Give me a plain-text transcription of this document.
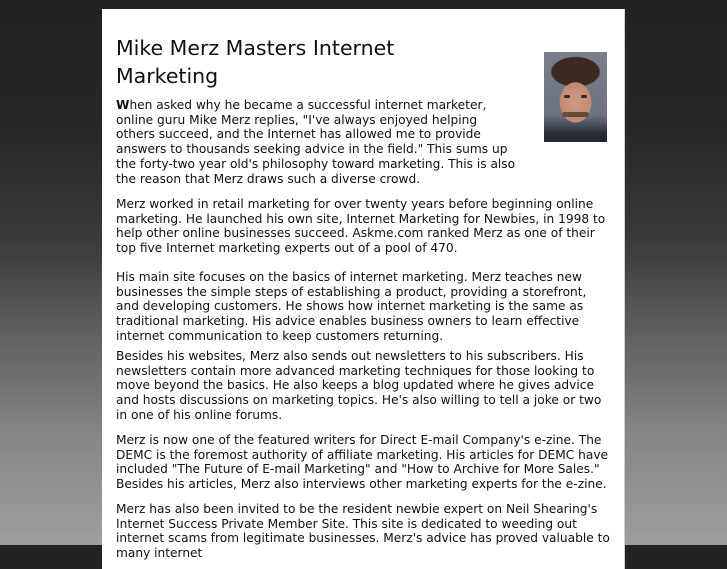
Mike Merz Masters Internet Marketing

When asked why he became a successful internet marketer, online guru Mike Merz replies, "I've always enjoyed helping others succeed, and the Internet has allowed me to provide answers to thousands seeking advice in the field." This sums up the forty-two year old's philosophy toward marketing. This is also the reason that Merz draws such a diverse crowd.

Merz worked in retail marketing for over twenty years before beginning online marketing. He launched his own site, Internet Marketing for Newbies, in 1998 to help other online businesses succeed. Askme.com ranked Merz as one of their top five Internet marketing experts out of a pool of 470.

His main site focuses on the basics of internet marketing. Merz teaches new businesses the simple steps of establishing a product, providing a storefront, and developing customers. He shows how internet marketing is the same as traditional marketing. His advice enables business owners to learn effective internet communication to keep customers returning.

Besides his websites, Merz also sends out newsletters to his subscribers. His newsletters contain more advanced marketing techniques for those looking to move beyond the basics. He also keeps a blog updated where he gives advice and hosts discussions on marketing topics. He's also willing to tell a joke or two in one of his online forums.

Merz is now one of the featured writers for Direct E-mail Company's e-zine. The DEMC is the foremost authority of affiliate marketing. His articles for DEMC have included "The Future of E-mail Marketing" and "How to Archive for More Sales." Besides his articles, Merz also interviews other marketing experts for the e-zine.

Merz has also been invited to be the resident newbie expert on Neil Shearing's Internet Success Private Member Site. This site is dedicated to weeding out internet scams from legitimate businesses. Merz's advice has proved valuable to many internet
